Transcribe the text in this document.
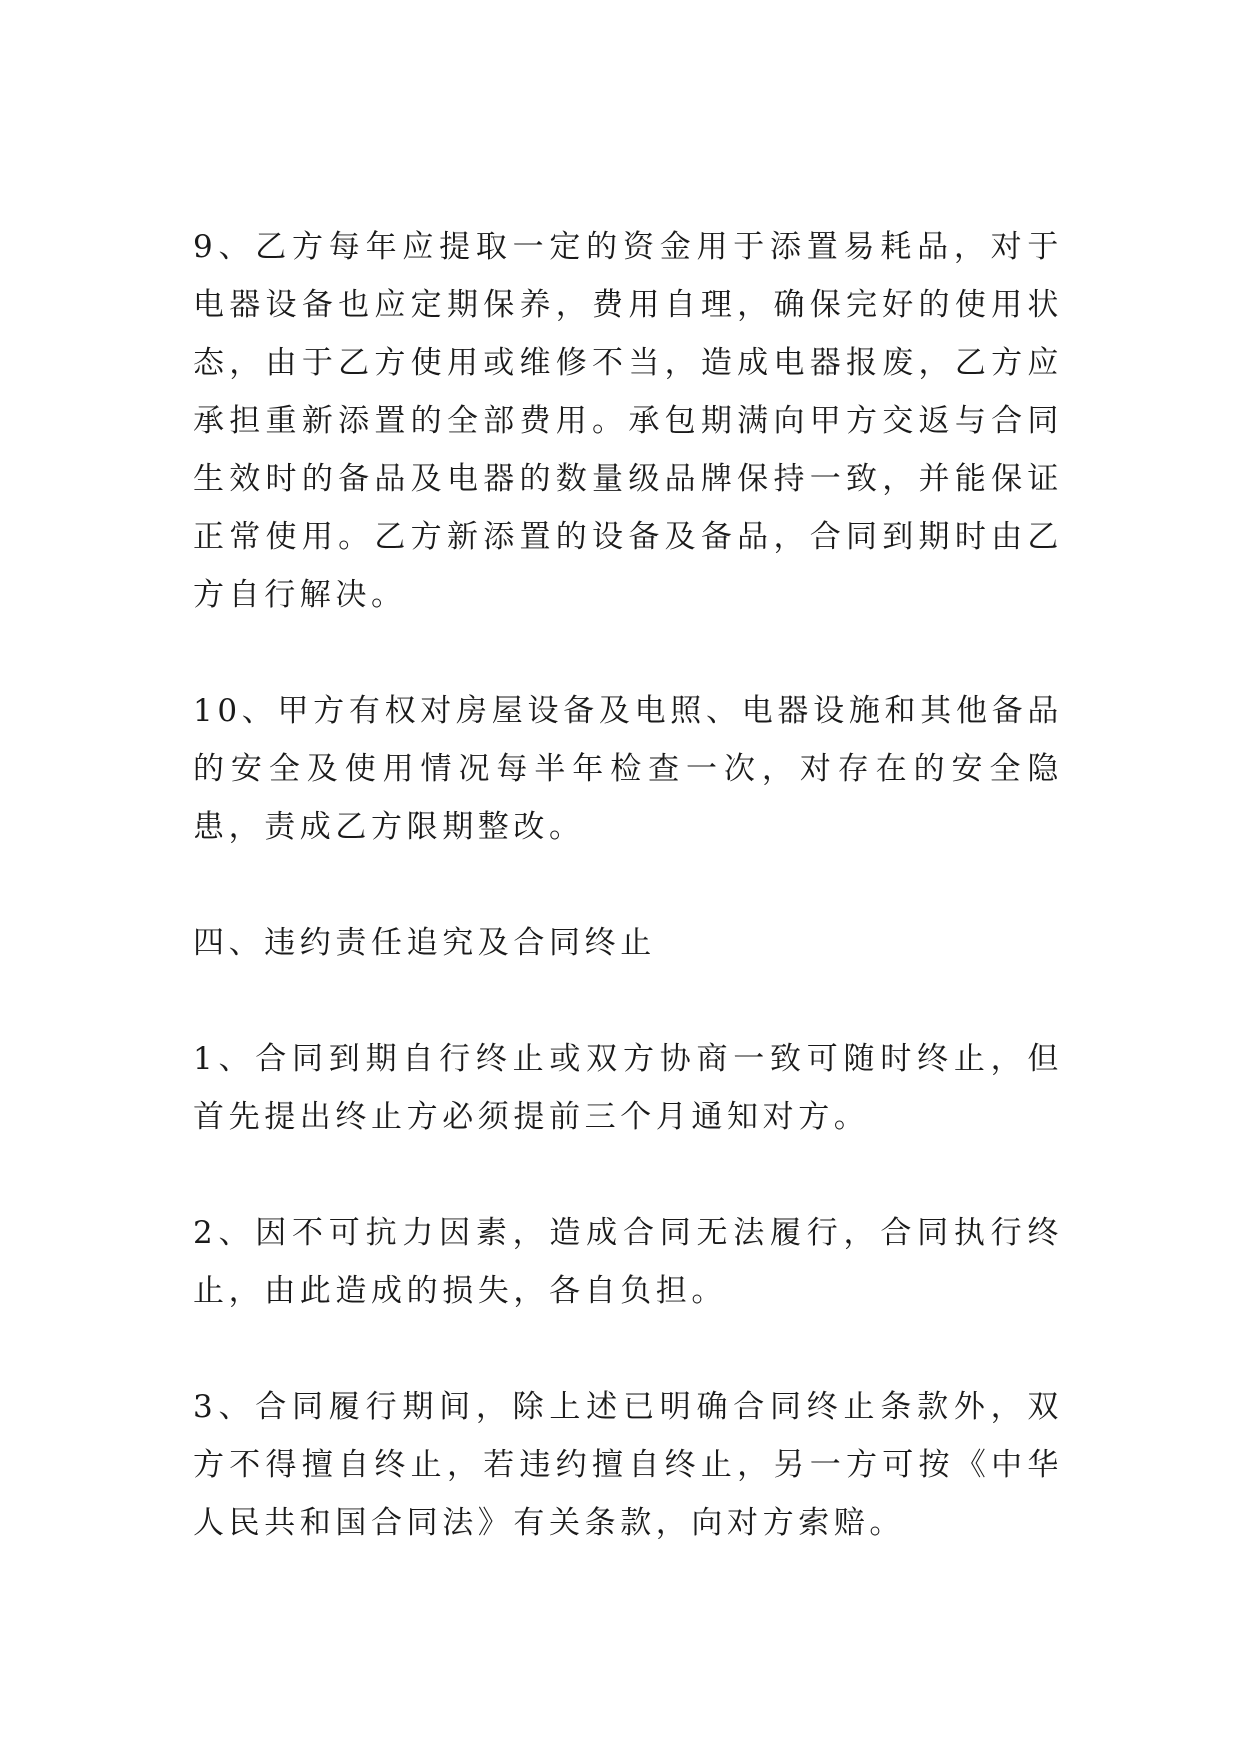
9、乙方每年应提取一定的资金用于添置易耗品，对于电器设备也应定期保养，费用自理，确保完好的使用状态，由于乙方使用或维修不当，造成电器报废，乙方应承担重新添置的全部费用。承包期满向甲方交返与合同生效时的备品及电器的数量级品牌保持一致，并能保证正常使用。乙方新添置的设备及备品，合同到期时由乙方自行解决。

10、甲方有权对房屋设备及电照、电器设施和其他备品的安全及使用情况每半年检查一次，对存在的安全隐患，责成乙方限期整改。

四、违约责任追究及合同终止

1、合同到期自行终止或双方协商一致可随时终止，但首先提出终止方必须提前三个月通知对方。

2、因不可抗力因素，造成合同无法履行，合同执行终止，由此造成的损失，各自负担。

3、合同履行期间，除上述已明确合同终止条款外，双方不得擅自终止，若违约擅自终止，另一方可按《中华人民共和国合同法》有关条款，向对方索赔。
